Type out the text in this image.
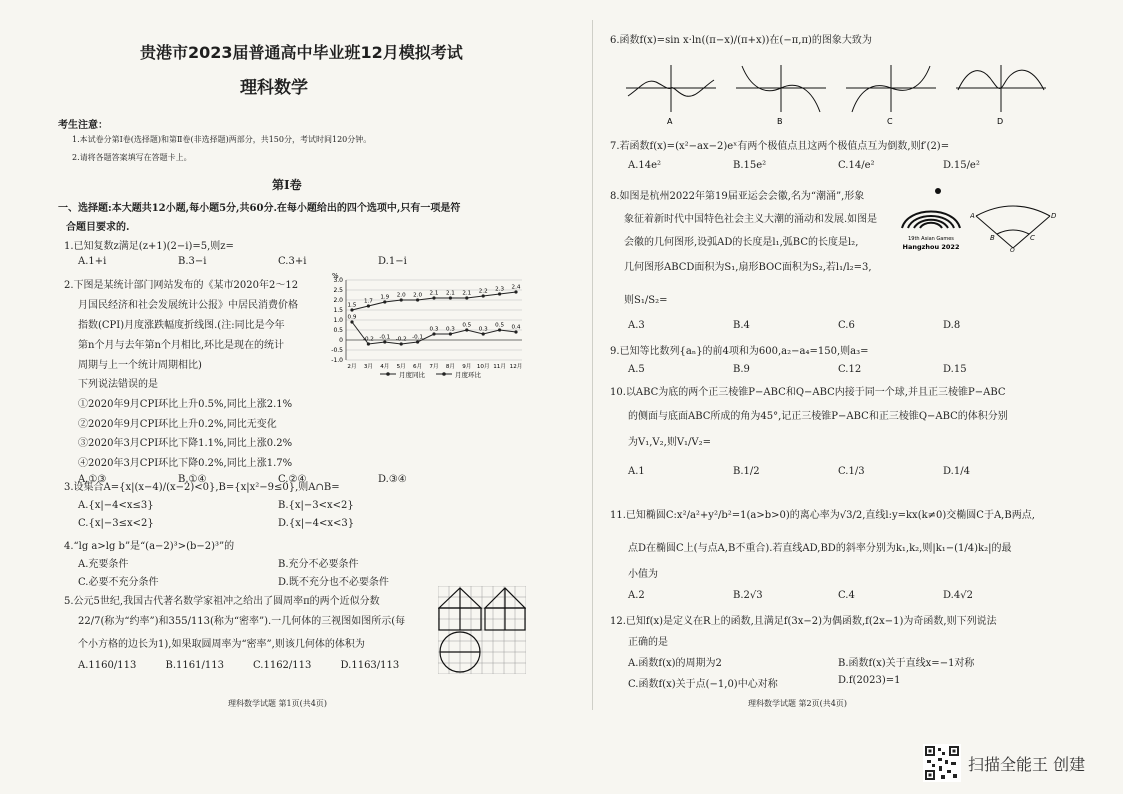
贵港市2023届普通高中毕业班12月模拟考试
理科数学
考生注意：
1.本试卷分第Ⅰ卷(选择题)和第Ⅱ卷(非选择题)两部分，共150分，考试时间120分钟。
2.请将各题答案填写在答题卡上。
第Ⅰ卷
一、选择题:本大题共12小题,每小题5分,共60分.在每小题给出的四个选项中,只有一项是符
合题目要求的.
1.已知复数z满足(z+1)(2−i)=5,则z=
A.1+i	B.3−i	C.3+i	D.1−i
2.下图是某统计部门网站发布的《某市2020年2～12
月国民经济和社会发展统计公报》中居民消费价格
指数(CPI)月度涨跌幅度折线图.(注:同比是今年
第n个月与去年第n个月相比,环比是现在的统计
周期与上一个统计周期相比)
下列说法错误的是
①2020年9月CPI环比上升0.5%,同比上涨2.1%
②2020年9月CPI环比上升0.2%,同比无变化
③2020年3月CPI环比下降1.1%,同比上涨0.2%
④2020年3月CPI环比下降0.2%,同比上涨1.7%
A.①③	B.①④	C.②④	D.③④
%
3.0
2.5
2.0
1.5
1.0
0.5
0
-0.5
-1.0
2月 3月 4月 5月 6月 7月 8月 9月 10月 11月 12月
1.5
1.7
1.9 2.0 2.0 2.1 2.1 2.1 2.2 2.3 2.4
0.9
-0.2 -0.1 -0.2 -0.1
0.3 0.3
0.5
0.3
0.5 0.4
月度同比	月度环比
3.设集合A={x|(x−4)/(x−2)<0},B={x|x²−9≤0},则A∩B=
A.{x|−4<x≤3}	B.{x|−3<x<2}
C.{x|−3≤x<2}	D.{x|−4<x<3}
4.“lg a>lg b”是“(a−2)³>(b−2)³”的
A.充要条件	B.充分不必要条件
C.必要不充分条件	D.既不充分也不必要条件
5.公元5世纪,我国古代著名数学家祖冲之给出了圆周率π的两个近似分数
22/7(称为“约率”)和355/113(称为“密率”).一几何体的三视图如图所示(每
个小方格的边长为1),如果取圆周率为“密率”,则该几何体的体积为
A.1160/113	B.1161/113	C.1162/113	D.1163/113
理科数学试题 第1页(共4页)
6.函数f(x)=sin x·ln((π−x)/(π+x))在(−π,π)的图象大致为
A	B	C	D
7.若函数f(x)=(x²−ax−2)eˣ有两个极值点且这两个极值点互为倒数,则f′(2)=
A.14e²	B.15e²	C.14/e²	D.15/e²
8.如图是杭州2022年第19届亚运会会徽,名为“潮涌”,形象
象征着新时代中国特色社会主义大潮的涌动和发展.如图是
会徽的几何图形,设弧AD的长度是l₁,弧BC的长度是l₂,
几何图形ABCD面积为S₁,扇形BOC面积为S₂,若l₁/l₂=3,
则S₁/S₂=
19th Asian Games
Hangzhou 2022
A	D
B	C
O
A.3	B.4	C.6	D.8
9.已知等比数列{aₙ}的前4项和为600,a₂−a₄=150,则a₃=
A.5	B.9	C.12	D.15
10.以ABC为底的两个正三棱锥P−ABC和Q−ABC内接于同一个球,并且正三棱锥P−ABC
的侧面与底面ABC所成的角为45°,记正三棱锥P−ABC和正三棱锥Q−ABC的体积分别
为V₁,V₂,则V₁/V₂=
A.1	B.1/2	C.1/3	D.1/4
11.已知椭圆C:x²/a²+y²/b²=1(a>b>0)的离心率为√3/2,直线l:y=kx(k≠0)交椭圆C于A,B两点,
点D在椭圆C上(与点A,B不重合).若直线AD,BD的斜率分别为k₁,k₂,则|k₁−(1/4)k₂|的最
小值为
A.2	B.2√3	C.4	D.4√2
12.已知f(x)是定义在R上的函数,且满足f(3x−2)为偶函数,f(2x−1)为奇函数,则下列说法
正确的是
A.函数f(x)的周期为2	B.函数f(x)关于直线x=−1对称
C.函数f(x)关于点(−1,0)中心对称	D.f(2023)=1
理科数学试题 第2页(共4页)
扫描全能王 创建
